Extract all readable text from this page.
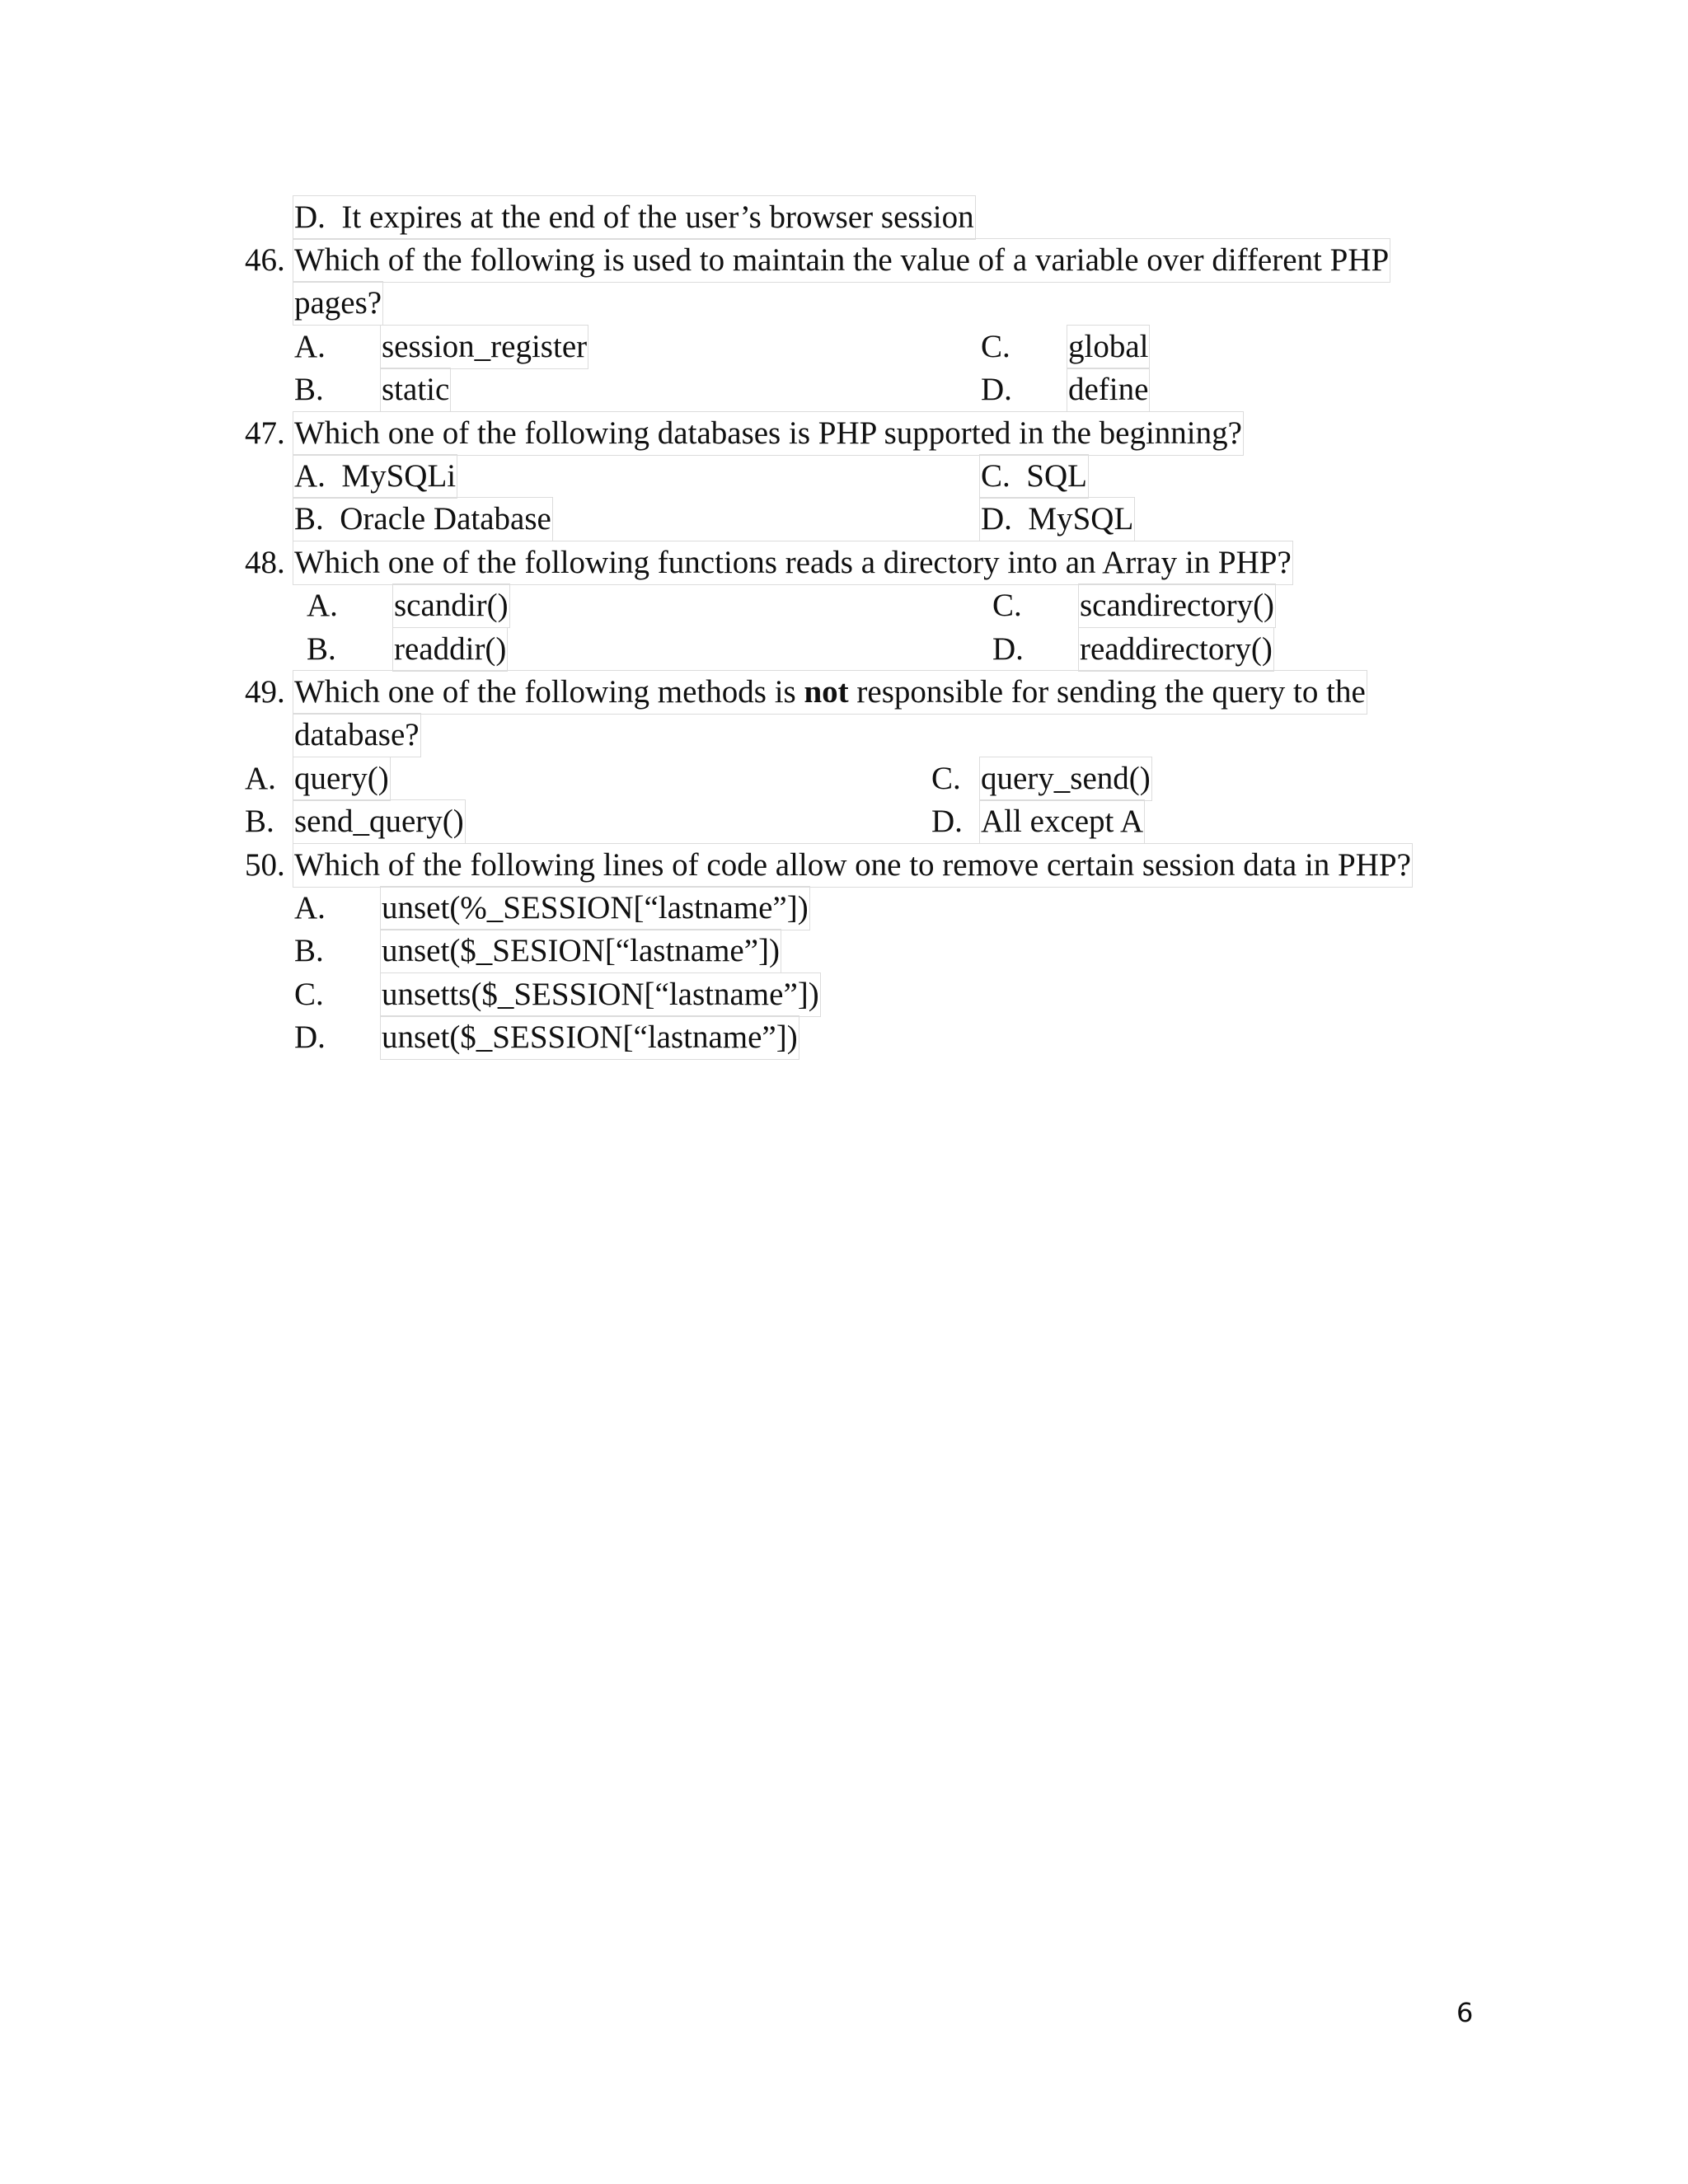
D. It expires at the end of the user’s browser session
46. Which of the following is used to maintain the value of a variable over different PHP
pages?
A. session_register	C. global
B. static	D. define
47. Which one of the following databases is PHP supported in the beginning?
A. MySQLi	C. SQL
B. Oracle Database	D. MySQL
48. Which one of the following functions reads a directory into an Array in PHP?
A. scandir()	C. scandirectory()
B. readdir()	D. readdirectory()
49. Which one of the following methods is not responsible for sending the query to the
database?
A. query()	C. query_send()
B. send_query()	D. All except A
50. Which of the following lines of code allow one to remove certain session data in PHP?
A. unset(%_SESSION[“lastname”])
B. unset($_SESION[“lastname”])
C. unsetts($_SESSION[“lastname”])
D. unset($_SESSION[“lastname”])
6
